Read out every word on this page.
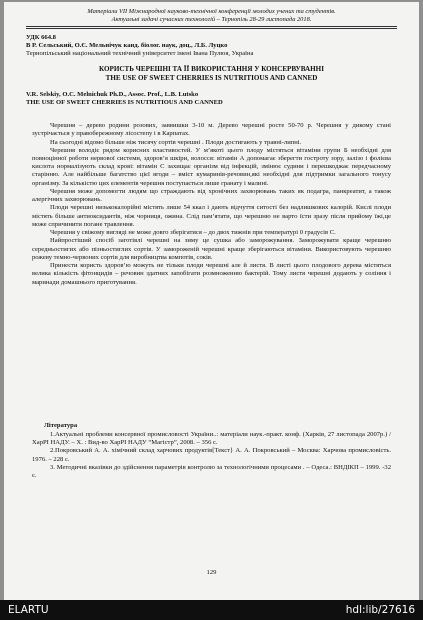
Матеріали VII Міжнародної науково-технічної конференції молодих учених та студентів.
Актуальні задачі сучасних технологій – Тернопіль 28-29 листопада 2018.
УДК 664.8
В Р. Сельський, О.Є. Мельнічук канд. біолог. наук, доц., Л.Б. Луцко
Тернопільський національний технічний університет імені Івана Пулюя, Україна
КОРИСТЬ ЧЕРЕШНІ ТА ЇЇ ВИКОРИСТАННЯ У КОНСЕРВУВАННІ
THE USE OF SWEET CHERRIES IS NUTRITIOUS AND CANNED
V.R. Selskiy, O.C. Melnichuk Ph.D., Assoc. Prof., L.B. Lutsko
THE USE OF SWEET CHERRIES IS NUTRITIOUS AND CANNED

Черешня – дерево родини розових, заввишки 3-10 м. Дерево черешні росте 50-70 р. Черешня у дикому стані зустрічається у правобережному лісостепу і в Карпатах.

На сьогодні відомо більше ніж тисячу сортів черешні . Плоди достигають у травні-липні.

Черешня володіє рядом корисних властивостей. У м’якоті цього плоду містяться вітаміни групи Б необхідні для повноцінної роботи нервової системи, здоров’я шкіри, волосся: вітамін А допомагає зберегти гостроту зору, залізо і фолієва кислота нормалізують склад крові: вітамін С захищає організм від інфекцій, змінює судини і перешкоджає передчасному старінню. Але найбільше багатство цієї ягоди – вміст кумаринів-речовин,які необхідні для підтримки загального тонусу організму. За кількістю цих елементів черешня поступається лише гранату і малині.

Черешня може допомогти людям що страждають від хронічних захворювань таких як подагра, панкреатит, а також алергічних захворювань.

Плоди черешні низькокалорійні містять лише 54 ккал і дають відчуття ситості без надлишкових калорій. Кислі плоди містять більше антиоксидантів, ніж чорниця, ожина. Слід пам’ятати, що черешню не варто їсти зразу після прийому їжі,це може спричинити погане травлення.

Черешня у свіжому вигляді не може довго зберігатися – до двох тижнів при температурі 0 градусів С.

Найпростіший спосіб заготівлі черешні на зиму це сушка або заморожування. Заморожувати краще черешню середньостигих або пізньостиглих сортів. У замороженій черешні краще зберігаються вітаміни. Використовують черешню рожеву темно-червоних сортів для виробництва компотів, соків.

Принести користь здоров’ю можуть не тільки плоди черешні але й листя. В листі цього плодового дерева містяться велика кількість фітонцидів – речовин здатних запобігати розмноженню бактерій. Тому листя черешні додають у соління і маринади домашнього приготування.

Література

1.Актуальні проблеми консервної промисловості України..: матеріали наук.-практ. конф. (Харків, 27 листопада 2007р.) / ХарРІ НАДУ. – Х. : Вид-во ХарРІ НАДУ “Магістр”, 2008. – 356 с.

2.Покровський А. А. хімічний склад харчових продуктів[Текст} А. А. Покровський – Москва: Харчова промисловість. 1976. – 228 с.

3. Методичні вказівки до здійснення параметрів контролю за технологічними процесами . – Одеса.: ВНДІКП – 1999. -32 с.

129
ELARTU	hdl:lib/27616
